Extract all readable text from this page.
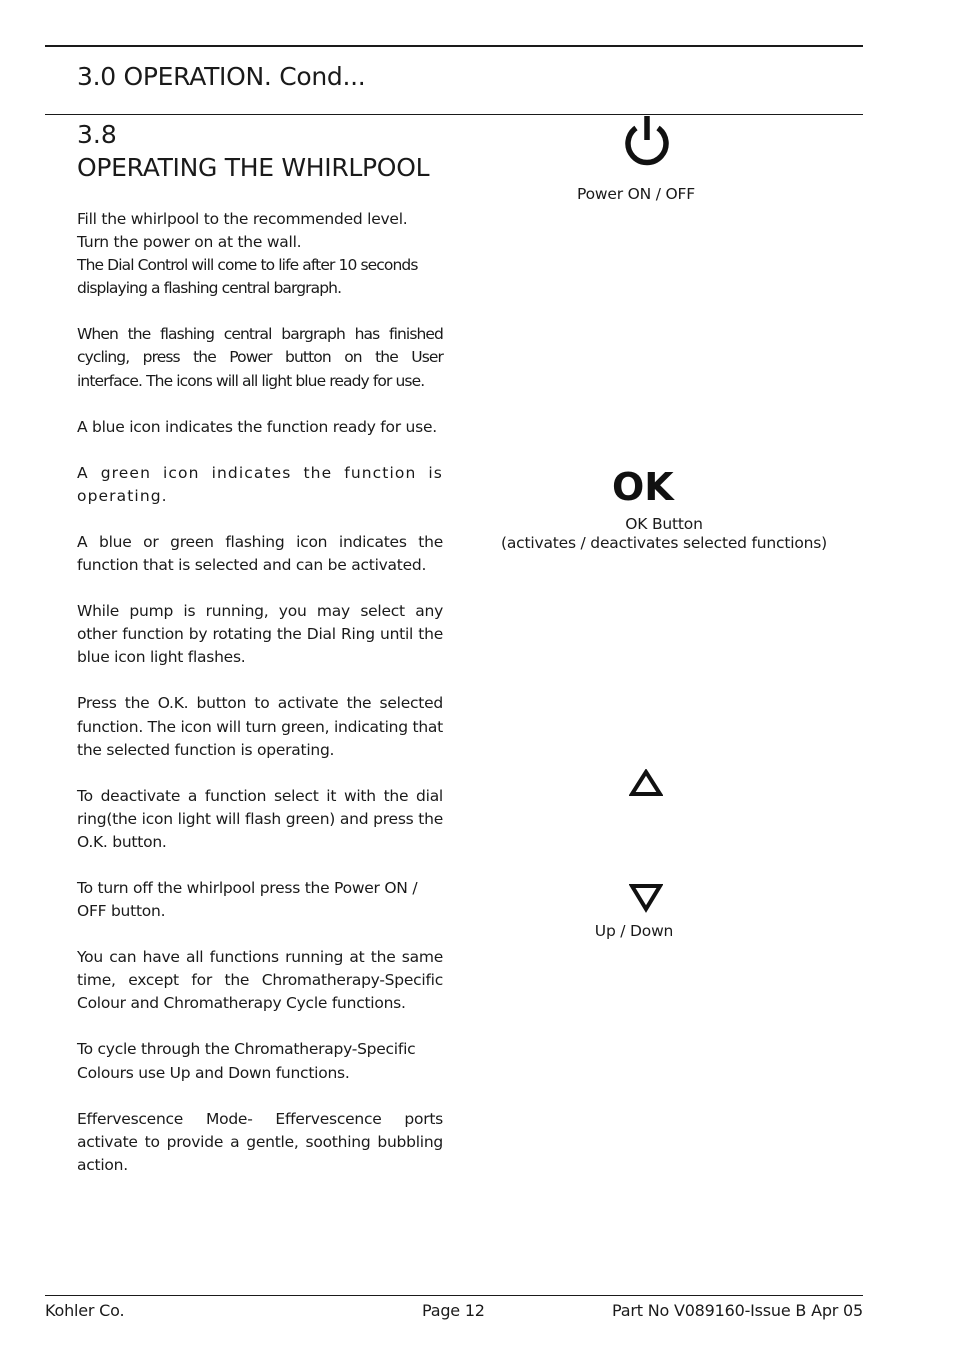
3.0 OPERATION. Cond...
3.8
OPERATING THE WHIRLPOOL

Fill the whirlpool to the recommended level.
Turn the power on at the wall.
The Dial Control will come to life after 10 seconds displaying a flashing central bargraph.

When the flashing central bargraph has finished cycling, press the Power button on the User interface. The icons will all light blue ready for use.

A blue icon indicates the function ready for use.

A green icon indicates the function is operating.

A blue or green flashing icon indicates the function that is selected and can be activated.

While pump is running, you may select any other function by rotating the Dial Ring until the blue icon light flashes.

Press the O.K. button to activate the selected function. The icon will turn green, indicating that the selected function is operating.

To deactivate a function select it with the dial ring(the icon light will flash green) and press the O.K. button.

To turn off the whirlpool press the Power ON / OFF button.

You can have all functions running at the same time, except for the Chromatherapy-Specific Colour and Chromatherapy Cycle functions.

To cycle through the Chromatherapy-Specific Colours use Up and Down functions.

Effervescence Mode- Effervescence ports activate to provide a gentle, soothing bubbling action.

Power ON / OFF

OK

OK Button
(activates / deactivates selected functions)

Up / Down

Kohler Co.	Page 12	Part No V089160-Issue B Apr 05
